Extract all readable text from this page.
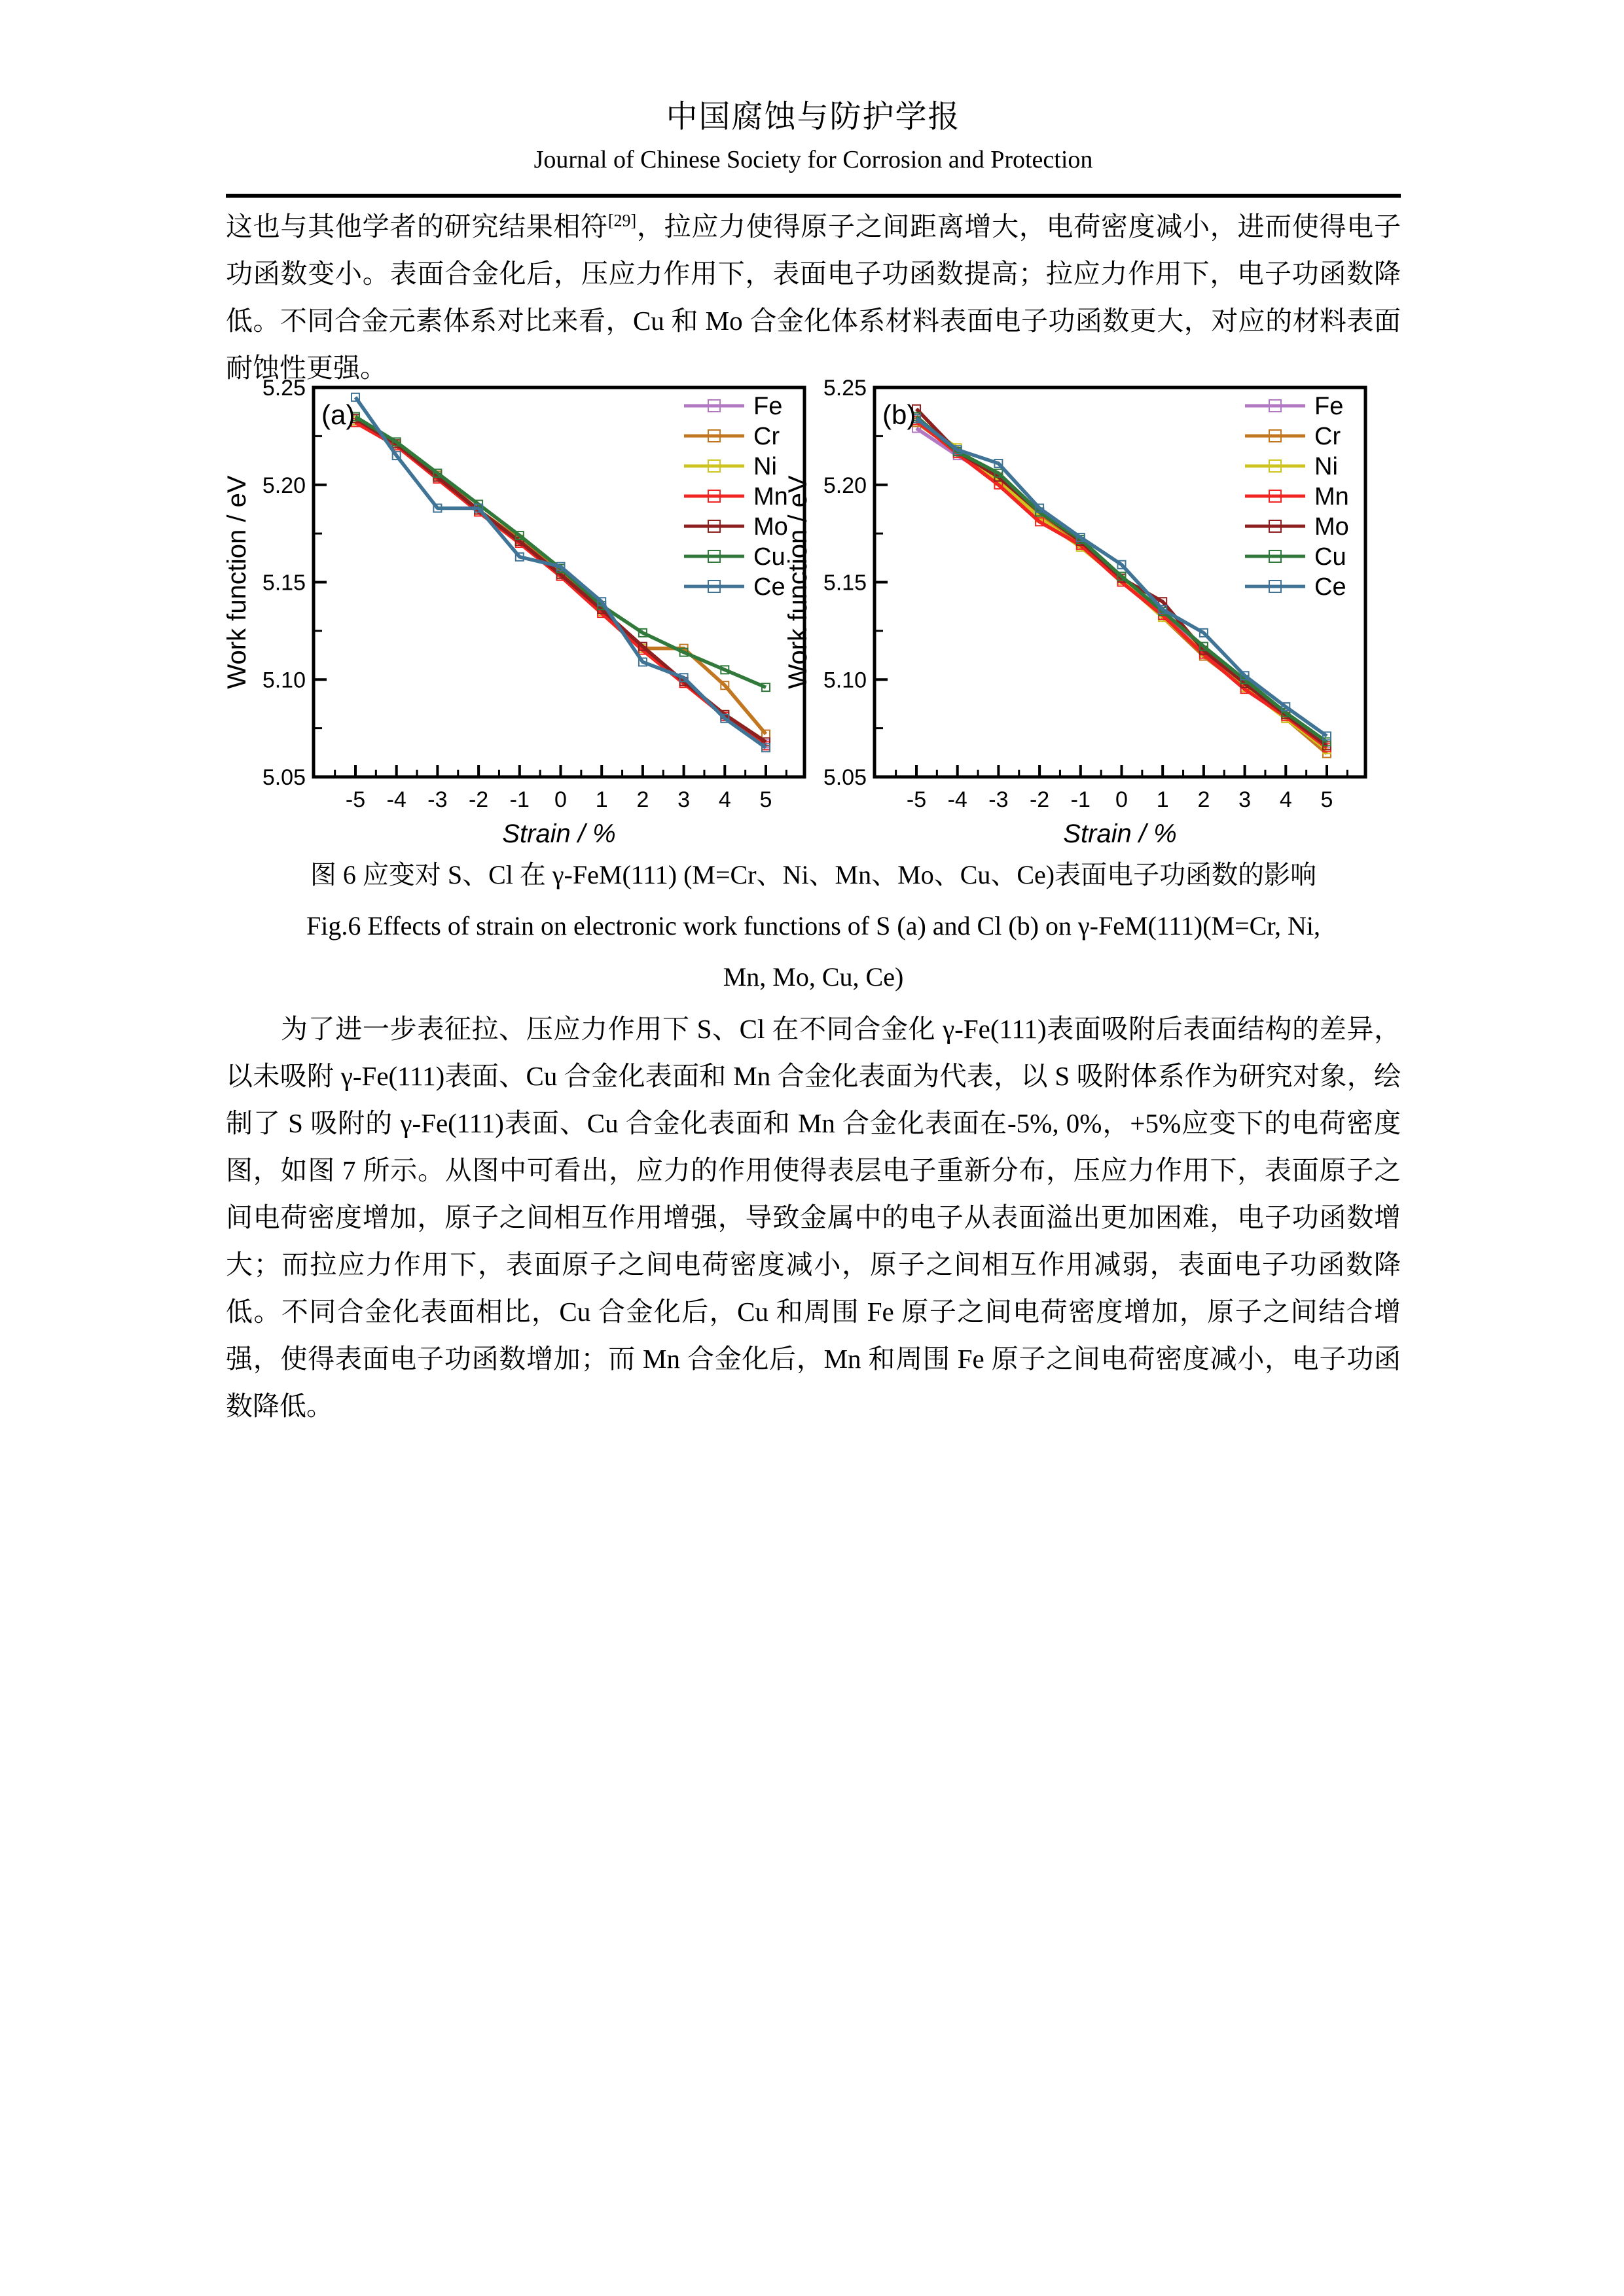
中国腐蚀与防护学报
Journal of Chinese Society for Corrosion and Protection

这也与其他学者的研究结果相符[29]，拉应力使得原子之间距离增大，电荷密度减小，进而使得电子功函数变小。表面合金化后，压应力作用下，表面电子功函数提高；拉应力作用下，电子功函数降低。不同合金元素体系对比来看，Cu 和 Mo 合金化体系材料表面电子功函数更大，对应的材料表面耐蚀性更强。

5.05
5.10
5.15
5.20
5.25
-5 -4 -3 -2 -1 0 1 2 3 4 5
(a)
Strain / %
Work function / eV
Fe
Cr
Ni
Mn
Mo
Cu
Ce
5.05
5.10
5.15
5.20
5.25
-5 -4 -3 -2 -1 0 1 2 3 4 5
(b)
Strain / %
Work function / eV
Fe
Cr
Ni
Mn
Mo
Cu
Ce
图 6 应变对 S、Cl 在 γ-FeM(111) (M=Cr、Ni、Mn、Mo、Cu、Ce)表面电子功函数的影响
Fig.6 Effects of strain on electronic work functions of S (a) and Cl (b) on γ-FeM(111)(M=Cr, Ni,
Mn, Mo, Cu, Ce)

为了进一步表征拉、压应力作用下 S、Cl 在不同合金化 γ-Fe(111)表面吸附后表面结构的差异，以未吸附 γ-Fe(111)表面、Cu 合金化表面和 Mn 合金化表面为代表，以 S 吸附体系作为研究对象，绘制了 S 吸附的 γ-Fe(111)表面、Cu 合金化表面和 Mn 合金化表面在-5%, 0%，+5%应变下的电荷密度图，如图 7 所示。从图中可看出，应力的作用使得表层电子重新分布，压应力作用下，表面原子之间电荷密度增加，原子之间相互作用增强，导致金属中的电子从表面溢出更加困难，电子功函数增大；而拉应力作用下，表面原子之间电荷密度减小，原子之间相互作用减弱，表面电子功函数降低。不同合金化表面相比，Cu 合金化后，Cu 和周围 Fe 原子之间电荷密度增加，原子之间结合增强，使得表面电子功函数增加；而 Mn 合金化后，Mn 和周围 Fe 原子之间电荷密度减小，电子功函数降低。
